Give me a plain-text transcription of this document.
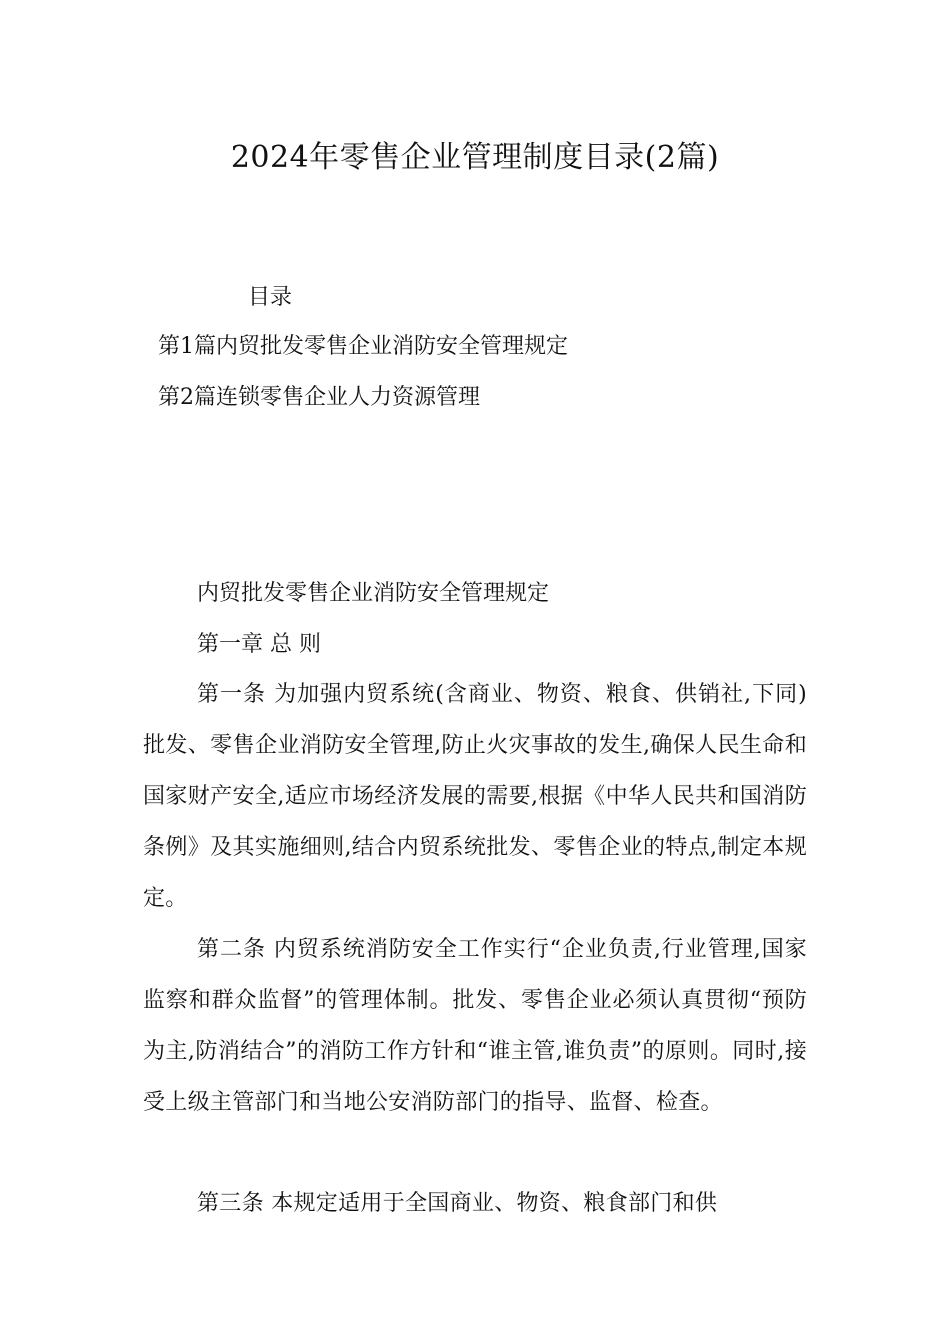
2024年零售企业管理制度目录(2篇)
目录
第1篇内贸批发零售企业消防安全管理规定
第2篇连锁零售企业人力资源管理
内贸批发零售企业消防安全管理规定
第一章 总 则

第一条 为加强内贸系统(含商业、物资、粮食、供销社,下同)批发、零售企业消防安全管理,防止火灾事故的发生,确保人民生命和国家财产安全,适应市场经济发展的需要,根据《中华人民共和国消防条例》及其实施细则,结合内贸系统批发、零售企业的特点,制定本规定。

第二条 内贸系统消防安全工作实行“企业负责,行业管理,国家监察和群众监督”的管理体制。批发、零售企业必须认真贯彻“预防为主,防消结合”的消防工作方针和“谁主管,谁负责”的原则。同时,接受上级主管部门和当地公安消防部门的指导、监督、检查。

第三条 本规定适用于全国商业、物资、粮食部门和供
